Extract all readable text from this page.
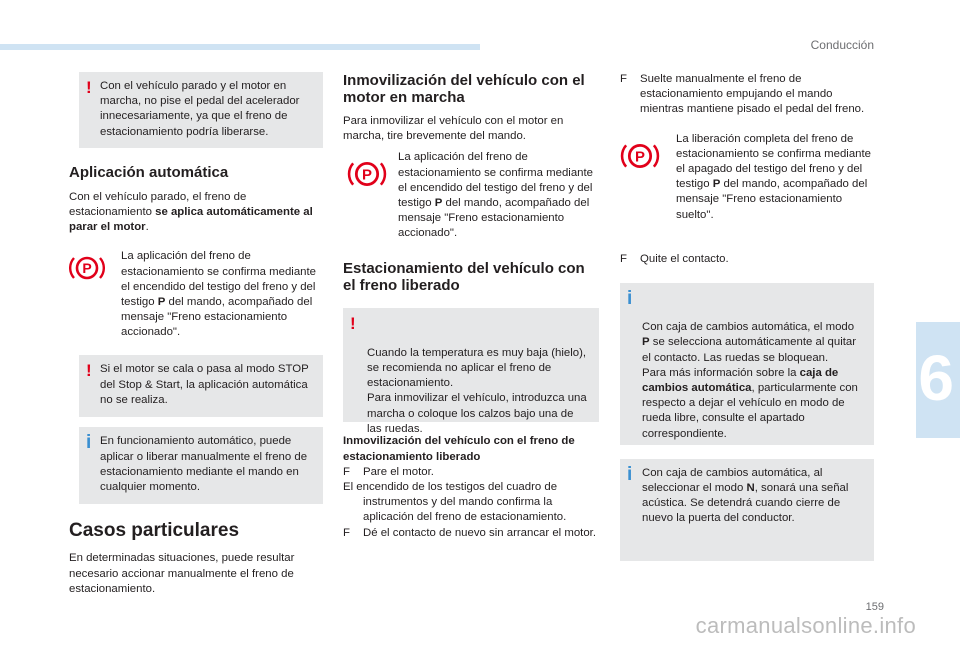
Conducción
6
159
carmanualsonline.info
! Con el vehículo parado y el motor en marcha, no pise el pedal del acelerador innecesariamente, ya que el freno de estacionamiento podría liberarse.
Aplicación automática
Con el vehículo parado, el freno de estacionamiento se aplica automáticamente al parar el motor.
P
La aplicación del freno de estacionamiento se confirma mediante el encendido del testigo del freno y del testigo P del mando, acompañado del mensaje "Freno estacionamiento accionado".
! Si el motor se cala o pasa al modo STOP del Stop & Start, la aplicación automática no se realiza.
i En funcionamiento automático, puede aplicar o liberar manualmente el freno de estacionamiento mediante el mando en cualquier momento.
Casos particulares
En determinadas situaciones, puede resultar necesario accionar manualmente el freno de estacionamiento.
Inmovilización del vehículo con el motor en marcha
Para inmovilizar el vehículo con el motor en marcha, tire brevemente del mando.
P
La aplicación del freno de estacionamiento se confirma mediante el encendido del testigo del freno y del testigo P del mando, acompañado del mensaje "Freno estacionamiento accionado".
Estacionamiento del vehículo con el freno liberado

!

Cuando la temperatura es muy baja (hielo), se recomienda no aplicar el freno de estacionamiento.
Para inmovilizar el vehículo, introduzca una marcha o coloque los calzos bajo una de las ruedas.

Inmovilización del vehículo con el freno de estacionamiento liberado
F Pare el motor.
El encendido de los testigos del cuadro de instrumentos y del mando confirma la aplicación del freno de estacionamiento.
F Dé el contacto de nuevo sin arrancar el motor.
F Suelte manualmente el freno de estacionamiento empujando el mando mientras mantiene pisado el pedal del freno.
P
La liberación completa del freno de estacionamiento se confirma mediante el apagado del testigo del freno y del testigo P del mando, acompañado del mensaje "Freno estacionamiento suelto".
F Quite el contacto.

i

Con caja de cambios automática, el modo P se selecciona automáticamente al quitar el contacto. Las ruedas se bloquean.
Para más información sobre la caja de cambios automática, particularmente con respecto a dejar el vehículo en modo de rueda libre, consulte el apartado correspondiente.

i Con caja de cambios automática, al seleccionar el modo N, sonará una señal acústica. Se detendrá cuando cierre de nuevo la puerta del conductor.
